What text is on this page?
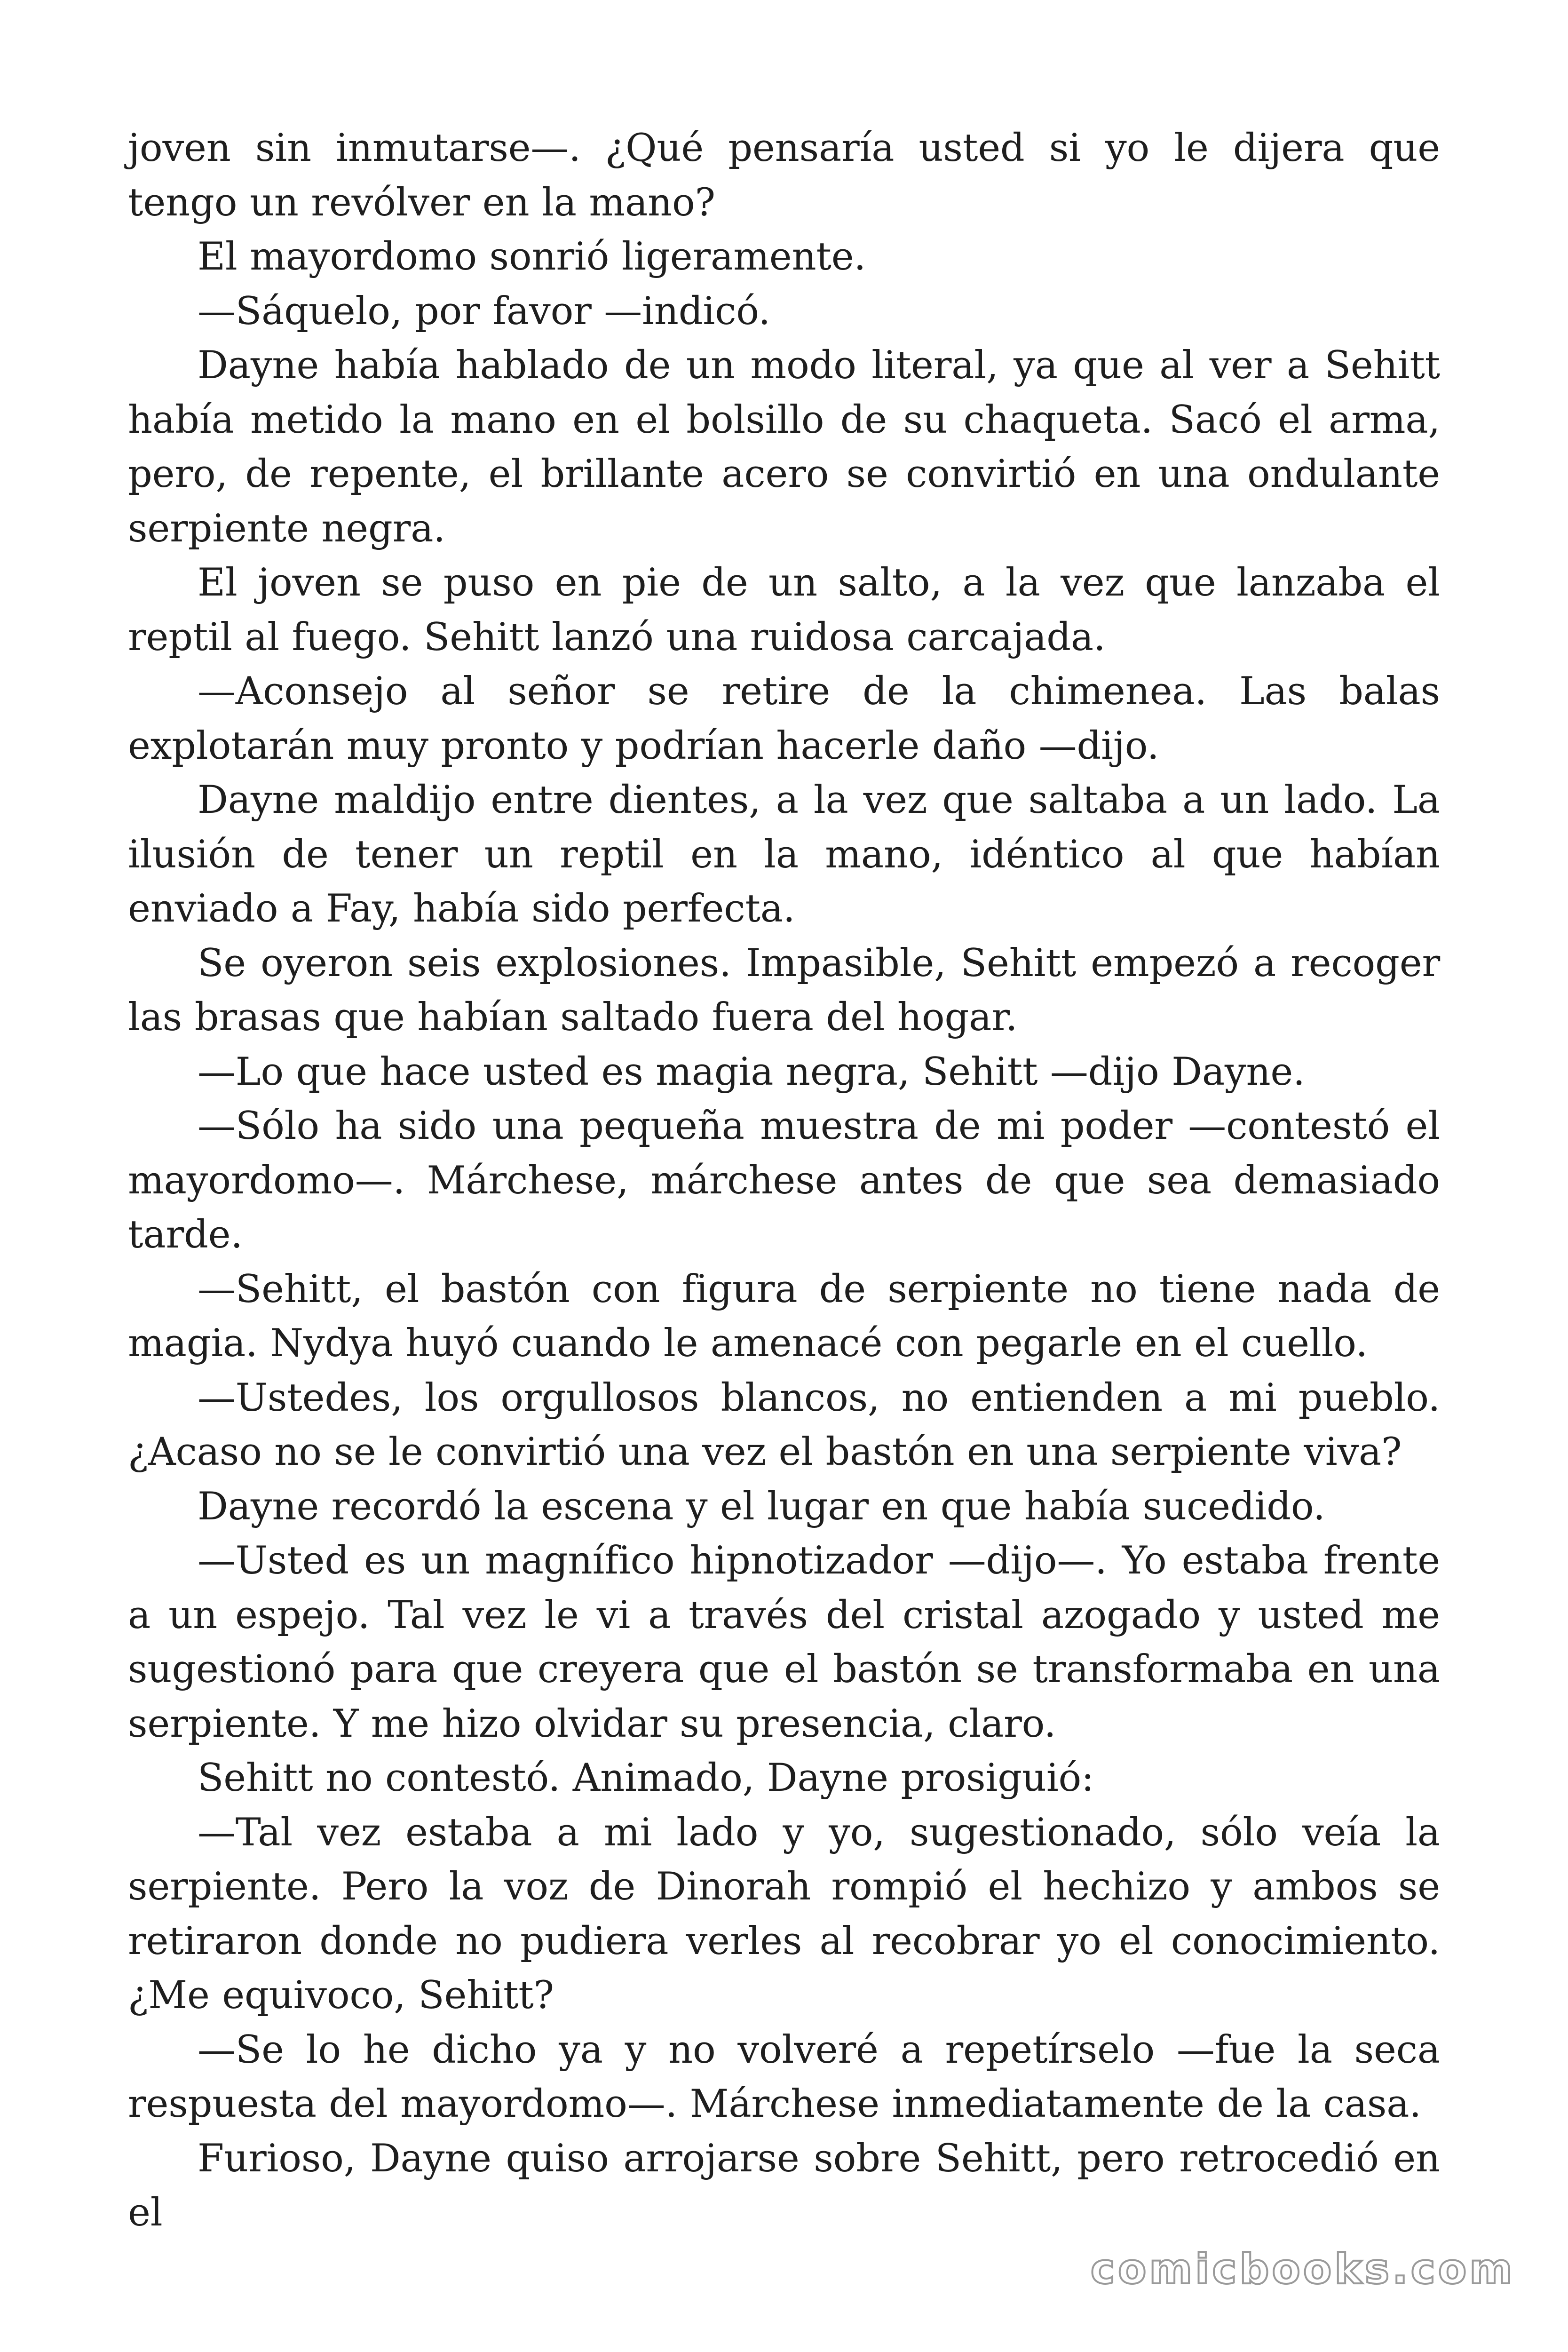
joven sin inmutarse—. ¿Qué pensaría usted si yo le dijera que tengo un revólver en la mano?

El mayordomo sonrió ligeramente.

—Sáquelo, por favor —indicó.

Dayne había hablado de un modo literal, ya que al ver a Sehitt había metido la mano en el bolsillo de su chaqueta. Sacó el arma, pero, de repente, el brillante acero se convirtió en una ondulante serpiente negra.

El joven se puso en pie de un salto, a la vez que lanzaba el reptil al fuego. Sehitt lanzó una ruidosa carcajada.

—Aconsejo al señor se retire de la chimenea. Las balas explotarán muy pronto y podrían hacerle daño —dijo.

Dayne maldijo entre dientes, a la vez que saltaba a un lado. La ilusión de tener un reptil en la mano, idéntico al que habían enviado a Fay, había sido perfecta.

Se oyeron seis explosiones. Impasible, Sehitt empezó a recoger las brasas que habían saltado fuera del hogar.

—Lo que hace usted es magia negra, Sehitt —dijo Dayne.

—Sólo ha sido una pequeña muestra de mi poder —contestó el mayordomo—. Márchese, márchese antes de que sea demasiado tarde.

—Sehitt, el bastón con figura de serpiente no tiene nada de magia. Nydya huyó cuando le amenacé con pegarle en el cuello.

—Ustedes, los orgullosos blancos, no entienden a mi pueblo. ¿Acaso no se le convirtió una vez el bastón en una serpiente viva?

Dayne recordó la escena y el lugar en que había sucedido.

—Usted es un magnífico hipnotizador —dijo—. Yo estaba frente a un espejo. Tal vez le vi a través del cristal azogado y usted me sugestionó para que creyera que el bastón se transformaba en una serpiente. Y me hizo olvidar su presencia, claro.

Sehitt no contestó. Animado, Dayne prosiguió:

—Tal vez estaba a mi lado y yo, sugestionado, sólo veía la serpiente. Pero la voz de Dinorah rompió el hechizo y ambos se retiraron donde no pudiera verles al recobrar yo el conocimiento. ¿Me equivoco, Sehitt?

—Se lo he dicho ya y no volveré a repetírselo —fue la seca respuesta del mayordomo—. Márchese inmediatamente de la casa.

Furioso, Dayne quiso arrojarse sobre Sehitt, pero retrocedió en el

comicbooks.com
